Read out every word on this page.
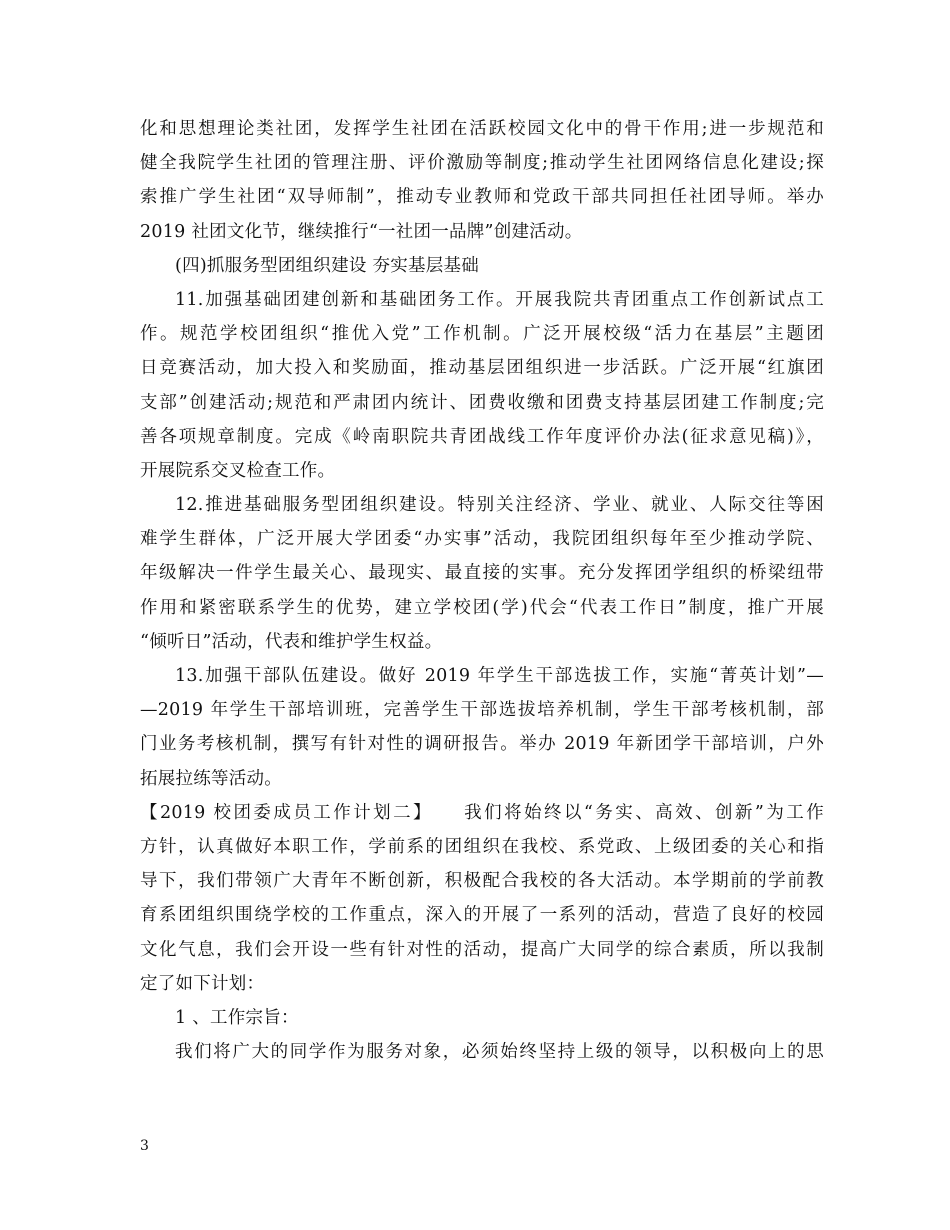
化和思想理论类社团，发挥学生社团在活跃校园文化中的骨干作用;进一步规范和
健全我院学生社团的管理注册、评价激励等制度;推动学生社团网络信息化建设;探
索推广学生社团“双导师制”，推动专业教师和党政干部共同担任社团导师。举办
2019 社团文化节，继续推行“一社团一品牌”创建活动。
(四)抓服务型团组织建设 夯实基层基础
11.加强基础团建创新和基础团务工作。开展我院共青团重点工作创新试点工
作。规范学校团组织“推优入党”工作机制。广泛开展校级“活力在基层”主题团
日竞赛活动，加大投入和奖励面，推动基层团组织进一步活跃。广泛开展“红旗团
支部”创建活动;规范和严肃团内统计、团费收缴和团费支持基层团建工作制度;完
善各项规章制度。完成《岭南职院共青团战线工作年度评价办法(征求意见稿)》，
开展院系交叉检查工作。
12.推进基础服务型团组织建设。特别关注经济、学业、就业、人际交往等困
难学生群体，广泛开展大学团委“办实事”活动，我院团组织每年至少推动学院、
年级解决一件学生最关心、最现实、最直接的实事。充分发挥团学组织的桥梁纽带
作用和紧密联系学生的优势，建立学校团(学)代会“代表工作日”制度，推广开展
“倾听日”活动，代表和维护学生权益。
13.加强干部队伍建设。做好 2019 年学生干部选拔工作，实施“菁英计划”—
—2019 年学生干部培训班，完善学生干部选拔培养机制，学生干部考核机制，部
门业务考核机制，撰写有针对性的调研报告。举办 2019 年新团学干部培训，户外
拓展拉练等活动。
【2019 校团委成员工作计划二】　　我们将始终以“务实、高效、创新”为工作
方针，认真做好本职工作，学前系的团组织在我校、系党政、上级团委的关心和指
导下，我们带领广大青年不断创新，积极配合我校的各大活动。本学期前的学前教
育系团组织围绕学校的工作重点，深入的开展了一系列的活动，营造了良好的校园
文化气息，我们会开设一些有针对性的活动，提高广大同学的综合素质，所以我制
定了如下计划：
1 、工作宗旨：
我们将广大的同学作为服务对象，必须始终坚持上级的领导，以积极向上的思
3
